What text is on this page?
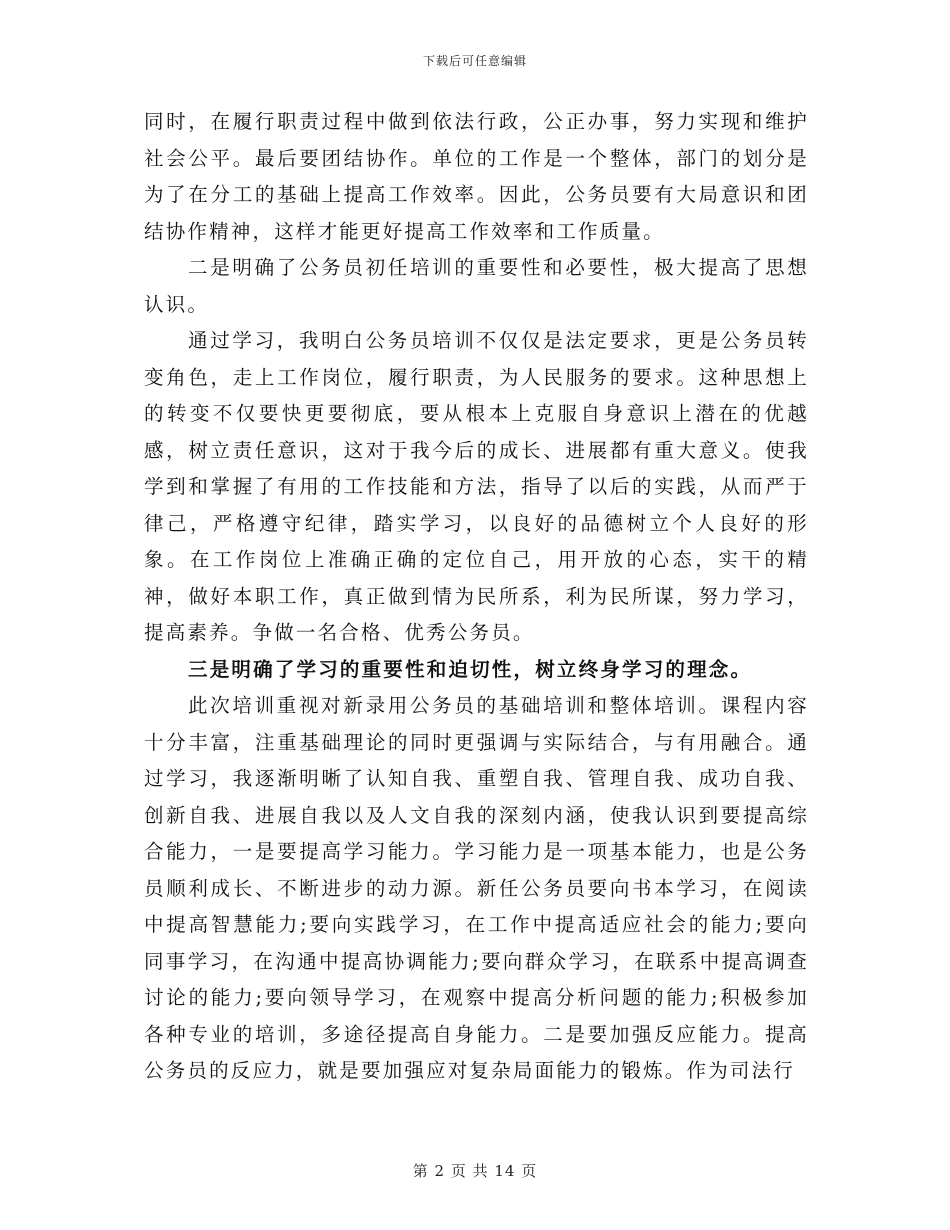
下载后可任意编辑

同时，在履行职责过程中做到依法行政，公正办事，努力实现和维护社会公平。最后要团结协作。单位的工作是一个整体，部门的划分是为了在分工的基础上提高工作效率。因此，公务员要有大局意识和团结协作精神，这样才能更好提高工作效率和工作质量。

二是明确了公务员初任培训的重要性和必要性，极大提高了思想认识。

通过学习，我明白公务员培训不仅仅是法定要求，更是公务员转变角色，走上工作岗位，履行职责，为人民服务的要求。这种思想上的转变不仅要快更要彻底，要从根本上克服自身意识上潜在的优越感，树立责任意识，这对于我今后的成长、进展都有重大意义。使我学到和掌握了有用的工作技能和方法，指导了以后的实践，从而严于律己，严格遵守纪律，踏实学习，以良好的品德树立个人良好的形象。在工作岗位上准确正确的定位自己，用开放的心态，实干的精神，做好本职工作，真正做到情为民所系，利为民所谋，努力学习，提高素养。争做一名合格、优秀公务员。

三是明确了学习的重要性和迫切性，树立终身学习的理念。

此次培训重视对新录用公务员的基础培训和整体培训。课程内容十分丰富，注重基础理论的同时更强调与实际结合，与有用融合。通过学习，我逐渐明晰了认知自我、重塑自我、管理自我、成功自我、创新自我、进展自我以及人文自我的深刻内涵，使我认识到要提高综合能力，一是要提高学习能力。学习能力是一项基本能力，也是公务员顺利成长、不断进步的动力源。新任公务员要向书本学习，在阅读中提高智慧能力;要向实践学习，在工作中提高适应社会的能力;要向同事学习，在沟通中提高协调能力;要向群众学习，在联系中提高调查讨论的能力;要向领导学习，在观察中提高分析问题的能力;积极参加各种专业的培训，多途径提高自身能力。二是要加强反应能力。提高公务员的反应力，就是要加强应对复杂局面能力的锻炼。作为司法行

第 2 页 共 14 页
